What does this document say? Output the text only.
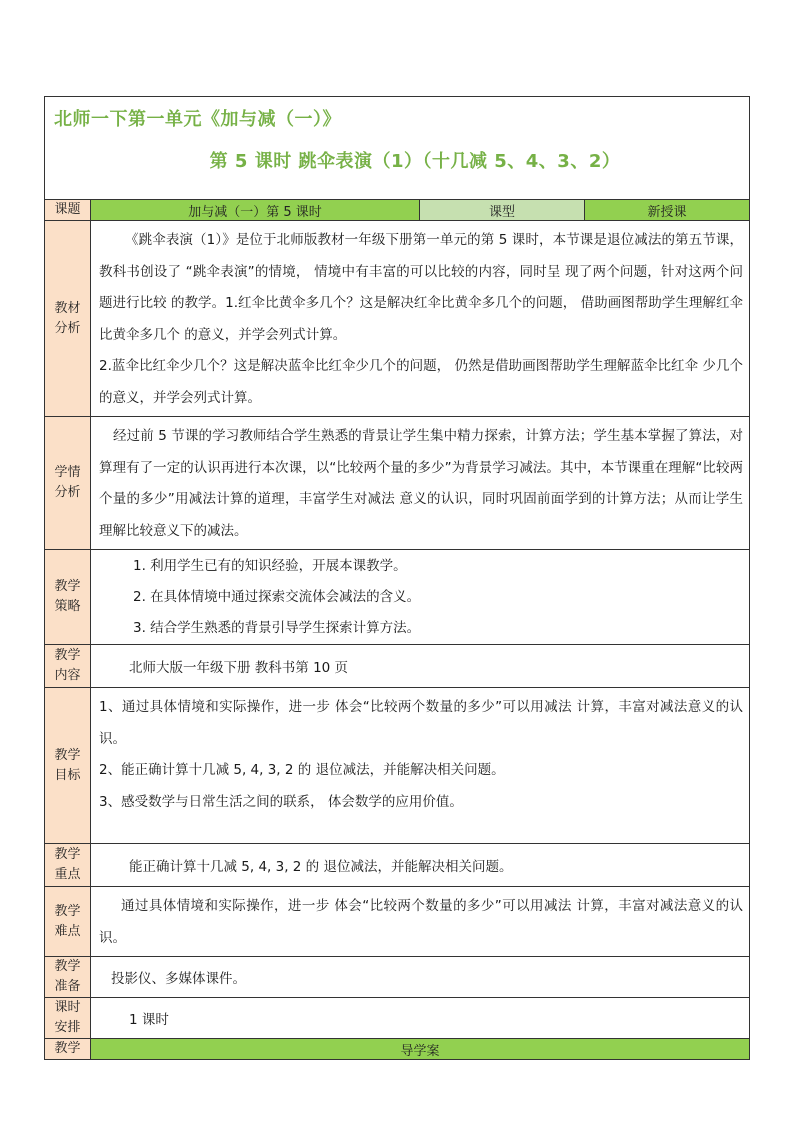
北师一下第一单元《加与减（一）》
第 5 课时 跳伞表演（1）（十几减 5、4、3、2）			

课题	加与减（一）第 5 课时	课型	新授课
教材分析	《跳伞表演（1）》是位于北师版教材一年级下册第一单元的第 5 课时，本节课是退位减法的第五节课，教科书创设了 “跳伞表演”的情境， 情境中有丰富的可以比较的内容，同时呈 现了两个问题，针对这两个问题进行比较 的教学。1.红伞比黄伞多几个？这是解决红伞比黄伞多几个的问题， 借助画图帮助学生理解红伞比黄伞多几个 的意义，并学会列式计算。

2.蓝伞比红伞少几个？这是解决蓝伞比红伞少几个的问题， 仍然是借助画图帮助学生理解蓝伞比红伞 少几个的意义，并学会列式计算。		

学情分析	经过前 5 节课的学习教师结合学生熟悉的背景让学生集中精力探索，计算方法；学生基本掌握了算法，对算理有了一定的认识再进行本次课，以“比较两个量的多少”为背景学习减法。其中，本节课重在理解“比较两个量的多少”用减法计算的道理，丰富学生对减法 意义的认识，同时巩固前面学到的计算方法；从而让学生理解比较意义下的减法。		

教学策略	1. 利用学生已有的知识经验，开展本课教学。

2. 在具体情境中通过探索交流体会减法的含义。

3. 结合学生熟悉的背景引导学生探索计算方法。		

教学内容	北师大版一年级下册 教科书第 10 页		

教学目标	1、通过具体情境和实际操作，进一步 体会“比较两个数量的多少”可以用减法 计算，丰富对减法意义的认识。

2、能正确计算十几减 5, 4, 3, 2 的 退位减法，并能解决相关问题。

3、感受数学与日常生活之间的联系， 体会数学的应用价值。		

教学重点	能正确计算十几减 5, 4, 3, 2 的 退位减法，并能解决相关问题。		

教学难点	通过具体情境和实际操作，进一步 体会“比较两个数量的多少”可以用减法 计算，丰富对减法意义的认识。		

教学准备	投影仪、多媒体课件。		

课时安排	1 课时		

教学	导学案		
